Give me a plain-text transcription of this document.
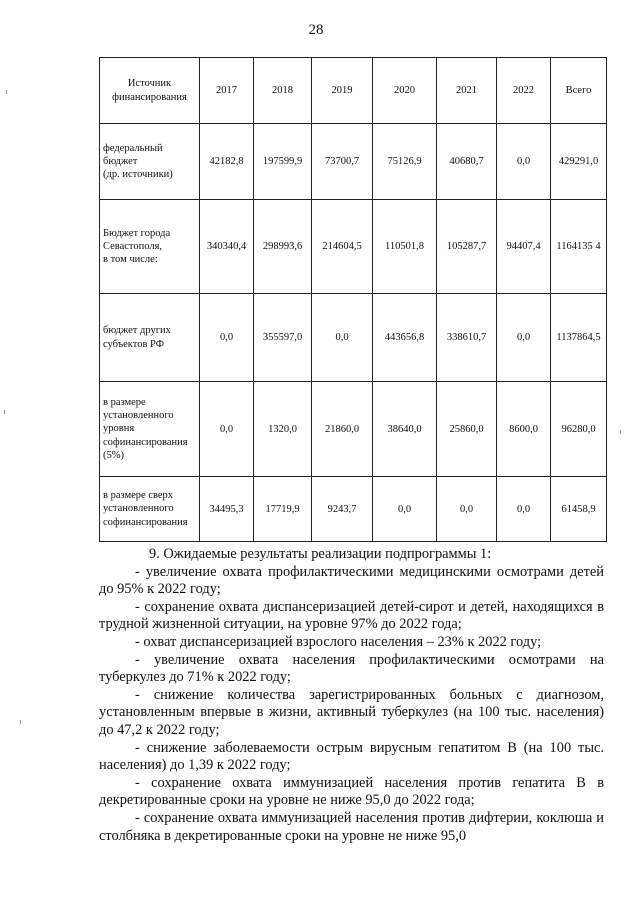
28
Источник
финансирования	2017	2018	2019	2020	2021	2022	Всего
федеральный
бюджет
(др. источники)	42182,8	197599,9	73700,7	75126,9	40680,7	0,0	429291,0
Бюджет города
Севастополя,
в том числе:	340340,4	298993,6	214604,5	110501,8	105287,7	94407,4	1164135 4
бюджет других
субъектов РФ	0,0	355597,0	0,0	443656,8	338610,7	0,0	1137864,5
в размере
установленного
уровня
софинансирования
(5%)	0,0	1320,0	21860,0	38640,0	25860,0	8600,0	96280,0
в размере сверх
установленного
софинансирования	34495,3	17719,9	9243,7	0,0	0,0	0,0	61458,9

9. Ожидаемые результаты реализации подпрограммы 1:

- увеличение охвата профилактическими медицинскими осмотрами детей до 95% к 2022 году;

- сохранение охвата диспансеризацией детей-сирот и детей, находящихся в трудной жизненной ситуации, на уровне 97% до 2022 года;

- охват диспансеризацией взрослого населения – 23% к 2022 году;

- увеличение охвата населения профилактическими осмотрами на туберкулез до 71% к 2022 году;

- снижение количества зарегистрированных больных с диагнозом, установленным впервые в жизни, активный туберкулез (на 100 тыс. населения) до 47,2 к 2022 году;

- снижение заболеваемости острым вирусным гепатитом В (на 100 тыс. населения) до 1,39 к 2022 году;

- сохранение охвата иммунизацией населения против гепатита В в декретированные сроки на уровне не ниже 95,0 до 2022 года;

- сохранение охвата иммунизацией населения против дифтерии, коклюша и столбняка в декретированные сроки на уровне не ниже 95,0
